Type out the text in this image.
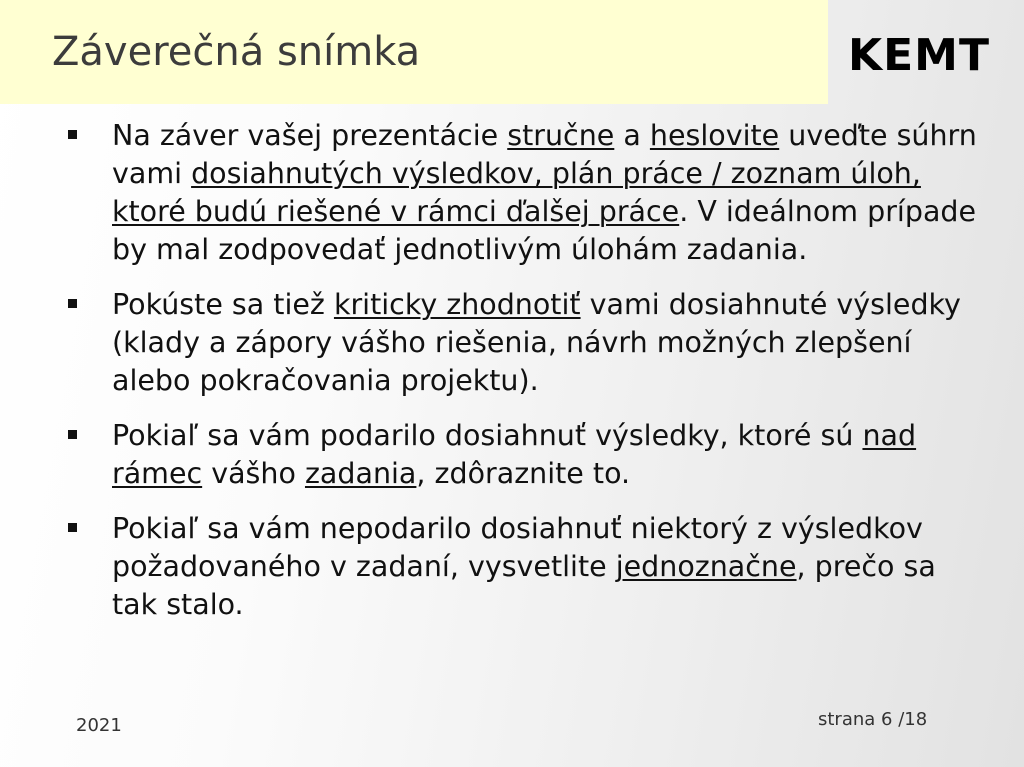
Záverečná snímka	KEMT
Na záver vašej prezentácie stručne a heslovite uveďte súhrn vami dosiahnutých výsledkov, plán práce / zoznam úloh, ktoré budú riešené v rámci ďalšej práce. V ideálnom prípade by mal zodpovedať jednotlivým úlohám zadania.
Pokúste sa tiež kriticky zhodnotiť vami dosiahnuté výsledky (klady a zápory vášho riešenia, návrh možných zlepšení alebo pokračovania projektu).
Pokiaľ sa vám podarilo dosiahnuť výsledky, ktoré sú nad rámec vášho zadania, zdôraznite to.
Pokiaľ sa vám nepodarilo dosiahnuť niektorý z výsledkov požadovaného v zadaní, vysvetlite jednoznačne, prečo sa tak stalo.
2021	strana 6 /18
